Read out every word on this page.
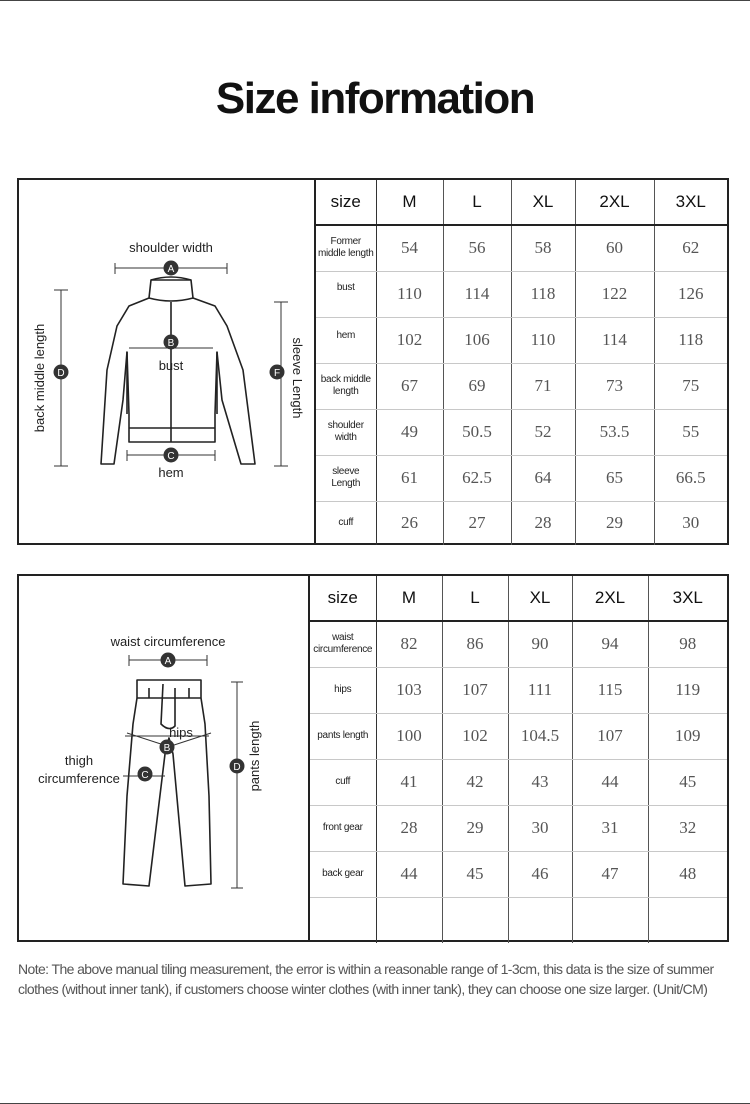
Size information
A
B
C
D	F
shoulder width
bust
hem
back middle length	sleeve Length
size	M	L	XL	2XL	3XL

Former
middle length	54	56	58	60	62

bust	110	114	118	122	126

hem	102	106	110	114	118

back middle
length	67	69	71	73	75

shoulder
width	49	50.5	52	53.5	55

sleeve
Length	61	62.5	64	65	66.5

cuff	26	27	28	29	30
A
B
C
D
waist circumference
hips
thigh
circumference	pants length
size	M	L	XL	2XL	3XL

waist
circumference	82	86	90	94	98

hips	103	107	111	115	119

pants length	100	102	104.5	107	109

cuff	41	42	43	44	45

front gear	28	29	30	31	32

back gear	44	45	46	47	48

Note: The above manual tiling measurement, the error is within a reasonable range of 1-3cm, this data is the size of summer clothes (without inner tank), if customers choose winter clothes (with inner tank), they can choose one size larger. (Unit/CM)
